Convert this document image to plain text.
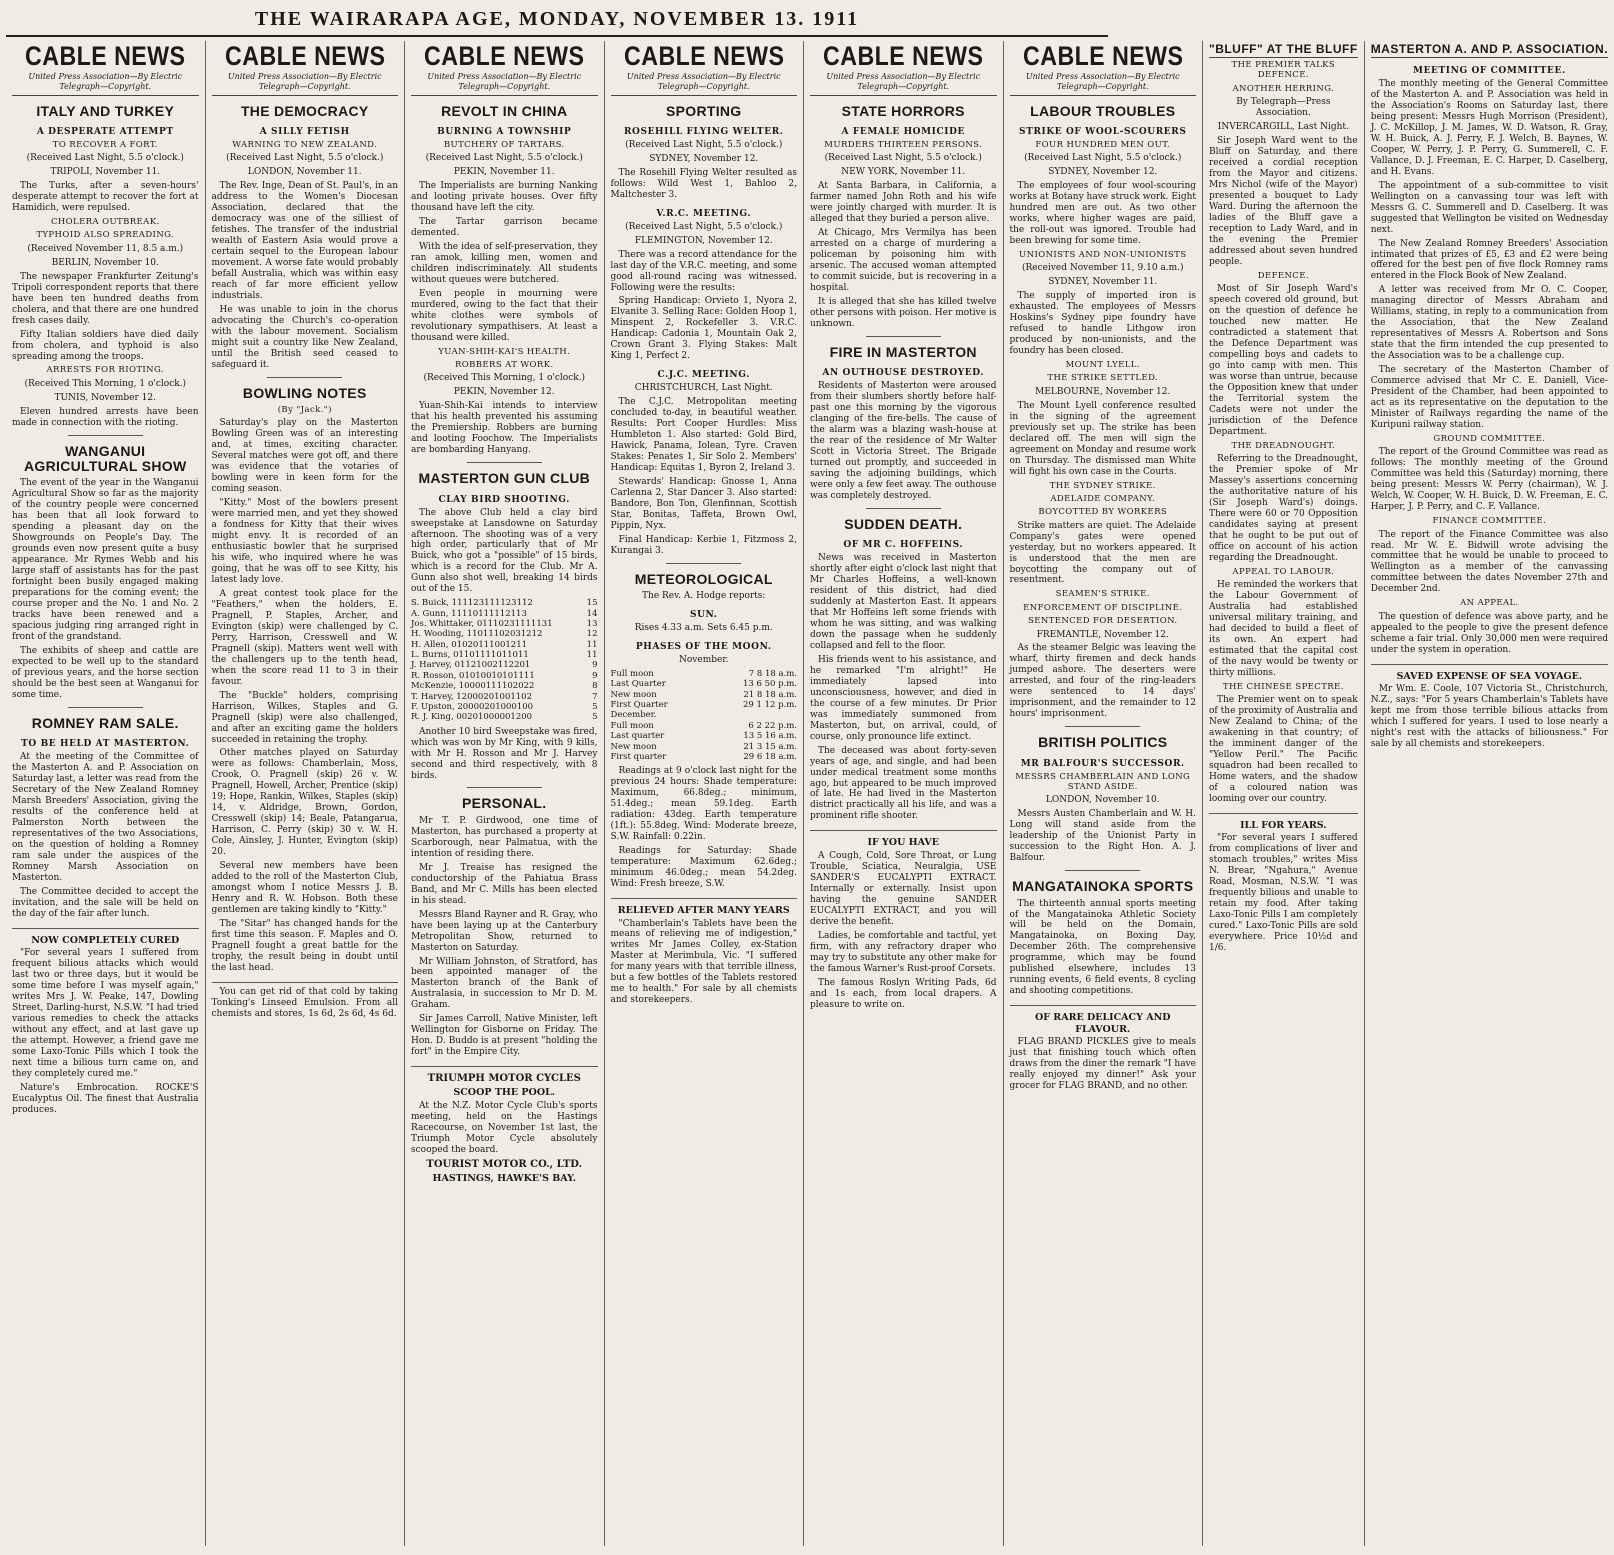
THE WAIRARAPA AGE, MONDAY, NOVEMBER 13. 1911
CABLE NEWS
United Press Association—By Electric Telegraph—Copyright.
ITALY AND TURKEY
A DESPERATE ATTEMPT
TO RECOVER A FORT.

(Received Last Night, 5.5 o'clock.)

TRIPOLI, November 11.

The Turks, after a seven-hours' desperate attempt to recover the fort at Hamidich, were repulsed.

CHOLERA OUTBREAK.
TYPHOID ALSO SPREADING.

(Received November 11, 8.5 a.m.)

BERLIN, November 10.

The newspaper Frankfurter Zeitung's Tripoli correspondent reports that there have been ten hundred deaths from cholera, and that there are one hundred fresh cases daily.

Fifty Italian soldiers have died daily from cholera, and typhoid is also spreading among the troops.

ARRESTS FOR RIOTING.

(Received This Morning, 1 o'clock.)

TUNIS, November 12.

Eleven hundred arrests have been made in connection with the rioting.

WANGANUI AGRICULTURAL SHOW

The event of the year in the Wanganui Agricultural Show so far as the majority of the country people were concerned has been that all look forward to spending a pleasant day on the Showgrounds on People's Day. The grounds even now present quite a busy appearance. Mr Rymes Webb and his large staff of assistants has for the past fortnight been busily engaged making preparations for the coming event; the course proper and the No. 1 and No. 2 tracks have been renewed and a spacious judging ring arranged right in front of the grandstand.

The exhibits of sheep and cattle are expected to be well up to the standard of previous years, and the horse section should be the best seen at Wanganui for some time.

ROMNEY RAM SALE.
TO BE HELD AT MASTERTON.

At the meeting of the Committee of the Masterton A. and P. Association on Saturday last, a letter was read from the Secretary of the New Zealand Romney Marsh Breeders' Association, giving the results of the conference held at Palmerston North between the representatives of the two Associations, on the question of holding a Romney ram sale under the auspices of the Romney Marsh Association on Masterton.

The Committee decided to accept the invitation, and the sale will be held on the day of the fair after lunch.

NOW COMPLETELY CURED

"For several years I suffered from frequent bilious attacks which would last two or three days, but it would be some time before I was myself again," writes Mrs J. W. Peake, 147, Dowling Street, Darling-hurst, N.S.W. "I had tried various remedies to check the attacks without any effect, and at last gave up the attempt. However, a friend gave me some Laxo-Tonic Pills which I took the next time a bilious turn came on, and they completely cured me."

Nature's Embrocation. ROCKE'S Eucalyptus Oil. The finest that Australia produces.

CABLE NEWS
United Press Association—By Electric Telegraph—Copyright.
THE DEMOCRACY
A SILLY FETISH
WARNING TO NEW ZEALAND.

(Received Last Night, 5.5 o'clock.)

LONDON, November 11.

The Rev. Inge, Dean of St. Paul's, in an address to the Women's Diocesan Association, declared that the democracy was one of the silliest of fetishes. The transfer of the industrial wealth of Eastern Asia would prove a certain sequel to the European labour movement. A worse fate would probably befall Australia, which was within easy reach of far more efficient yellow industrials.

He was unable to join in the chorus advocating the Church's co-operation with the labour movement. Socialism might suit a country like New Zealand, until the British seed ceased to safeguard it.

BOWLING NOTES
(By "Jack.")

Saturday's play on the Masterton Bowling Green was of an interesting and, at times, exciting character. Several matches were got off, and there was evidence that the votaries of bowling were in keen form for the coming season.

"Kitty." Most of the bowlers present were married men, and yet they showed a fondness for Kitty that their wives might envy. It is recorded of an enthusiastic bowler that he surprised his wife, who inquired where he was going, that he was off to see Kitty, his latest lady love.

A great contest took place for the "Feathers," when the holders, E. Pragnell, P. Staples, Archer, and Evington (skip) were challenged by C. Perry, Harrison, Cresswell and W. Pragnell (skip). Matters went well with the challengers up to the tenth head, when the score read 11 to 3 in their favour.

The "Buckle" holders, comprising Harrison, Wilkes, Staples and G. Pragnell (skip) were also challenged, and after an exciting game the holders succeeded in retaining the trophy.

Other matches played on Saturday were as follows: Chamberlain, Moss, Crook, O. Pragnell (skip) 26 v. W. Pragnell, Howell, Archer, Prentice (skip) 19; Hope, Rankin, Wilkes, Staples (skip) 14, v. Aldridge, Brown, Gordon, Cresswell (skip) 14; Beale, Patangarua, Harrison, C. Perry (skip) 30 v. W. H. Cole, Ainsley, J. Hunter, Evington (skip) 20.

Several new members have been added to the roll of the Masterton Club, amongst whom I notice Messrs J. B. Henry and R. W. Hobson. Both these gentlemen are taking kindly to "Kitty."

The "Sitar" has changed hands for the first time this season. F. Maples and O. Pragnell fought a great battle for the trophy, the result being in doubt until the last head.

You can get rid of that cold by taking Tonking's Linseed Emulsion. From all chemists and stores, 1s 6d, 2s 6d, 4s 6d.

CABLE NEWS
United Press Association—By Electric Telegraph—Copyright.
REVOLT IN CHINA
BURNING A TOWNSHIP
BUTCHERY OF TARTARS.

(Received Last Night, 5.5 o'clock.)

PEKIN, November 11.

The Imperialists are burning Nanking and looting private houses. Over fifty thousand have left the city.

The Tartar garrison became demented.

With the idea of self-preservation, they ran amok, killing men, women and children indiscriminately. All students without queues were butchered.

Even people in mourning were murdered, owing to the fact that their white clothes were symbols of revolutionary sympathisers. At least a thousand were killed.

YUAN-SHIH-KAI'S HEALTH.
ROBBERS AT WORK.

(Received This Morning, 1 o'clock.)

PEKIN, November 12.

Yuan-Shih-Kai intends to interview that his health prevented his assuming the Premiership. Robbers are burning and looting Foochow. The Imperialists are bombarding Hanyang.

MASTERTON GUN CLUB
CLAY BIRD SHOOTING.

The above Club held a clay bird sweepstake at Lansdowne on Saturday afternoon. The shooting was of a very high order, particularly that of Mr Buick, who got a "possible" of 15 birds, which is a record for the Club. Mr A. Gunn also shot well, breaking 14 birds out of the 15.

S. Buick, 111123111123112	15
A. Gunn, 11110111112113	14
Jos. Whittaker, 01110231111131	13
H. Wooding, 11011102031212	12
H. Allen, 01020111001211	11
L. Burns, 01101111011011	11
J. Harvey, 01121002112201	9
R. Rosson, 01010010101111	9
McKenzie, 10000111102022	8
T. Harvey, 12000201001102	7
F. Upston, 20000201000100	5
R. J. King, 00201000001200	5

Another 10 bird Sweepstake was fired, which was won by Mr King, with 9 kills, with Mr H. Rosson and Mr J. Harvey second and third respectively, with 8 birds.

PERSONAL.

Mr T. P. Girdwood, one time of Masterton, has purchased a property at Scarborough, near Palmatua, with the intention of residing there.

Mr J. Treaise has resigned the conductorship of the Pahiatua Brass Band, and Mr C. Mills has been elected in his stead.

Messrs Bland Rayner and R. Gray, who have been laying up at the Canterbury Metropolitan Show, returned to Masterton on Saturday.

Mr William Johnston, of Stratford, has been appointed manager of the Masterton branch of the Bank of Australasia, in succession to Mr D. M. Graham.

Sir James Carroll, Native Minister, left Wellington for Gisborne on Friday. The Hon. D. Buddo is at present "holding the fort" in the Empire City.

TRIUMPH MOTOR CYCLES
SCOOP THE POOL.

At the N.Z. Motor Cycle Club's sports meeting, held on the Hastings Racecourse, on November 1st last, the Triumph Motor Cycle absolutely scooped the board.

TOURIST MOTOR CO., LTD.
HASTINGS, HAWKE'S BAY.
CABLE NEWS
United Press Association—By Electric Telegraph—Copyright.
SPORTING
ROSEHILL FLYING WELTER.

(Received Last Night, 5.5 o'clock.)

SYDNEY, November 12.

The Rosehill Flying Welter resulted as follows: Wild West 1, Bahloo 2, Maltchester 3.

V.R.C. MEETING.

(Received Last Night, 5.5 o'clock.)

FLEMINGTON, November 12.

There was a record attendance for the last day of the V.R.C. meeting, and some good all-round racing was witnessed. Following were the results:

Spring Handicap: Orvieto 1, Nyora 2, Elvanite 3. Selling Race: Golden Hoop 1, Minspent 2, Rockefeller 3. V.R.C. Handicap: Cadonia 1, Mountain Oak 2, Crown Grant 3. Flying Stakes: Malt King 1, Perfect 2.

C.J.C. MEETING.

CHRISTCHURCH, Last Night.

The C.J.C. Metropolitan meeting concluded to-day, in beautiful weather. Results: Port Cooper Hurdles: Miss Humbleton 1. Also started: Gold Bird, Hawick, Panama, Iolean, Tyre. Craven Stakes: Penates 1, Sir Solo 2. Members' Handicap: Equitas 1, Byron 2, Ireland 3.

Stewards' Handicap: Gnosse 1, Anna Carlenna 2, Star Dancer 3. Also started: Bandore, Bon Ton, Glenfinnan, Scottish Star, Bonitas, Taffeta, Brown Owl, Pippin, Nyx.

Final Handicap: Kerbie 1, Fitzmoss 2, Kurangai 3.

METEOROLOGICAL

The Rev. A. Hodge reports:

SUN.

Rises 4.33 a.m. Sets 6.45 p.m.

PHASES OF THE MOON.

November.

Full moon	7 8 18 a.m.
Last Quarter	13 6 50 p.m.
New moon	21 8 18 a.m.
First Quarter	29 1 12 p.m.
December.	
Full moon	6 2 22 p.m.
Last quarter	13 5 16 a.m.
New moon	21 3 15 a.m.
First quarter	29 6 18 a.m.

Readings at 9 o'clock last night for the previous 24 hours: Shade temperature: Maximum, 66.8deg.; minimum, 51.4deg.; mean 59.1deg. Earth radiation: 43deg. Earth temperature (1ft.): 55.8deg. Wind: Moderate breeze, S.W. Rainfall: 0.22in.

Readings for Saturday: Shade temperature: Maximum 62.6deg.; minimum 46.0deg.; mean 54.2deg. Wind: Fresh breeze, S.W.

RELIEVED AFTER MANY YEARS

"Chamberlain's Tablets have been the means of relieving me of indigestion," writes Mr James Colley, ex-Station Master at Merimbula, Vic. "I suffered for many years with that terrible illness, but a few bottles of the Tablets restored me to health." For sale by all chemists and storekeepers.

CABLE NEWS
United Press Association—By Electric Telegraph—Copyright.
STATE HORRORS
A FEMALE HOMICIDE
MURDERS THIRTEEN PERSONS.

(Received Last Night, 5.5 o'clock.)

NEW YORK, November 11.

At Santa Barbara, in California, a farmer named John Roth and his wife were jointly charged with murder. It is alleged that they buried a person alive.

At Chicago, Mrs Vermilya has been arrested on a charge of murdering a policeman by poisoning him with arsenic. The accused woman attempted to commit suicide, but is recovering in a hospital.

It is alleged that she has killed twelve other persons with poison. Her motive is unknown.

FIRE IN MASTERTON
AN OUTHOUSE DESTROYED.

Residents of Masterton were aroused from their slumbers shortly before half-past one this morning by the vigorous clanging of the fire-bells. The cause of the alarm was a blazing wash-house at the rear of the residence of Mr Walter Scott in Victoria Street. The Brigade turned out promptly, and succeeded in saving the adjoining buildings, which were only a few feet away. The outhouse was completely destroyed.

SUDDEN DEATH.
OF MR C. HOFFEINS.

News was received in Masterton shortly after eight o'clock last night that Mr Charles Hoffeins, a well-known resident of this district, had died suddenly at Masterton East. It appears that Mr Hoffeins left some friends with whom he was sitting, and was walking down the passage when he suddenly collapsed and fell to the floor.

His friends went to his assistance, and he remarked "I'm alright!" He immediately lapsed into unconsciousness, however, and died in the course of a few minutes. Dr Prior was immediately summoned from Masterton, but, on arrival, could, of course, only pronounce life extinct.

The deceased was about forty-seven years of age, and single, and had been under medical treatment some months ago, but appeared to be much improved of late. He had lived in the Masterton district practically all his life, and was a prominent rifle shooter.

IF YOU HAVE

A Cough, Cold, Sore Throat, or Lung Trouble, Sciatica, Neuralgia, USE SANDER'S EUCALYPTI EXTRACT. Internally or externally. Insist upon having the genuine SANDER EUCALYPTI EXTRACT, and you will derive the benefit.

Ladies, be comfortable and tactful, yet firm, with any refractory draper who may try to substitute any other make for the famous Warner's Rust-proof Corsets.

The famous Roslyn Writing Pads, 6d and 1s each, from local drapers. A pleasure to write on.

CABLE NEWS
United Press Association—By Electric Telegraph—Copyright.
LABOUR TROUBLES
STRIKE OF WOOL-SCOURERS
FOUR HUNDRED MEN OUT.

(Received Last Night, 5.5 o'clock.)

SYDNEY, November 12.

The employees of four wool-scouring works at Botany have struck work. Eight hundred men are out. As two other works, where higher wages are paid, the roll-out was ignored. Trouble had been brewing for some time.

UNIONISTS AND NON-UNIONISTS

(Received November 11, 9.10 a.m.)

SYDNEY, November 11.

The supply of imported iron is exhausted. The employees of Messrs Hoskins's Sydney pipe foundry have refused to handle Lithgow iron produced by non-unionists, and the foundry has been closed.

MOUNT LYELL.
THE STRIKE SETTLED.

MELBOURNE, November 12.

The Mount Lyell conference resulted in the signing of the agreement previously set up. The strike has been declared off. The men will sign the agreement on Monday and resume work on Thursday. The dismissed man White will fight his own case in the Courts.

THE SYDNEY STRIKE.
ADELAIDE COMPANY.
BOYCOTTED BY WORKERS

Strike matters are quiet. The Adelaide Company's gates were opened yesterday, but no workers appeared. It is understood that the men are boycotting the company out of resentment.

SEAMEN'S STRIKE.
ENFORCEMENT OF DISCIPLINE.
SENTENCED FOR DESERTION.

FREMANTLE, November 12.

As the steamer Belgic was leaving the wharf, thirty firemen and deck hands jumped ashore. The deserters were arrested, and four of the ring-leaders were sentenced to 14 days' imprisonment, and the remainder to 12 hours' imprisonment.

BRITISH POLITICS
MR BALFOUR'S SUCCESSOR.
MESSRS CHAMBERLAIN AND LONG STAND ASIDE.

LONDON, November 10.

Messrs Austen Chamberlain and W. H. Long will stand aside from the leadership of the Unionist Party in succession to the Right Hon. A. J. Balfour.

MANGATAINOKA SPORTS

The thirteenth annual sports meeting of the Mangatainoka Athletic Society will be held on the Domain, Mangatainoka, on Boxing Day, December 26th. The comprehensive programme, which may be found published elsewhere, includes 13 running events, 6 field events, 8 cycling and shooting competitions.

OF RARE DELICACY AND FLAVOUR.

FLAG BRAND PICKLES give to meals just that finishing touch which often draws from the diner the remark "I have really enjoyed my dinner!" Ask your grocer for FLAG BRAND, and no other.

"BLUFF" AT THE BLUFF
THE PREMIER TALKS DEFENCE.
ANOTHER HERRING.

By Telegraph—Press Association.

INVERCARGILL, Last Night.

Sir Joseph Ward went to the Bluff on Saturday, and there received a cordial reception from the Mayor and citizens. Mrs Nichol (wife of the Mayor) presented a bouquet to Lady Ward. During the afternoon the ladies of the Bluff gave a reception to Lady Ward, and in the evening the Premier addressed about seven hundred people.

DEFENCE.

Most of Sir Joseph Ward's speech covered old ground, but on the question of defence he touched new matter. He contradicted a statement that the Defence Department was compelling boys and cadets to go into camp with men. This was worse than untrue, because the Opposition knew that under the Territorial system the Cadets were not under the jurisdiction of the Defence Department.

THE DREADNOUGHT.

Referring to the Dreadnought, the Premier spoke of Mr Massey's assertions concerning the authoritative nature of his (Sir Joseph Ward's) doings. There were 60 or 70 Opposition candidates saying at present that he ought to be put out of office on account of his action regarding the Dreadnought.

APPEAL TO LABOUR.

He reminded the workers that the Labour Government of Australia had established universal military training, and had decided to build a fleet of its own. An expert had estimated that the capital cost of the navy would be twenty or thirty millions.

THE CHINESE SPECTRE.

The Premier went on to speak of the proximity of Australia and New Zealand to China; of the awakening in that country; of the imminent danger of the "Yellow Peril." The Pacific squadron had been recalled to Home waters, and the shadow of a coloured nation was looming over our country.

ILL FOR YEARS.

"For several years I suffered from complications of liver and stomach troubles," writes Miss N. Brear, "Ngahura," Avenue Road, Mosman, N.S.W. "I was frequently bilious and unable to retain my food. After taking Laxo-Tonic Pills I am completely cured." Laxo-Tonic Pills are sold everywhere. Price 10½d and 1/6.

MASTERTON A. AND P. ASSOCIATION.
MEETING OF COMMITTEE.

The monthly meeting of the General Committee of the Masterton A. and P. Association was held in the Association's Rooms on Saturday last, there being present: Messrs Hugh Morrison (President), J. C. McKillop, J. M. James, W. D. Watson, R. Gray, W. H. Buick, A. J. Perry, F. J. Welch, B. Baynes, W. Cooper, W. Perry, J. P. Perry, G. Summerell, C. F. Vallance, D. J. Freeman, E. C. Harper, D. Caselberg, and H. Evans.

The appointment of a sub-committee to visit Wellington on a canvassing tour was left with Messrs G. C. Summerell and D. Caselberg. It was suggested that Wellington be visited on Wednesday next.

The New Zealand Romney Breeders' Association intimated that prizes of £5, £3 and £2 were being offered for the best pen of five flock Romney rams entered in the Flock Book of New Zealand.

A letter was received from Mr O. C. Cooper, managing director of Messrs Abraham and Williams, stating, in reply to a communication from the Association, that the New Zealand representatives of Messrs A. Robertson and Sons state that the firm intended the cup presented to the Association was to be a challenge cup.

The secretary of the Masterton Chamber of Commerce advised that Mr C. E. Daniell, Vice-President of the Chamber, had been appointed to act as its representative on the deputation to the Minister of Railways regarding the name of the Kuripuni railway station.

GROUND COMMITTEE.

The report of the Ground Committee was read as follows: The monthly meeting of the Ground Committee was held this (Saturday) morning, there being present: Messrs W. Perry (chairman), W. J. Welch, W. Cooper, W. H. Buick, D. W. Freeman, E. C. Harper, J. P. Perry, and C. F. Vallance.

FINANCE COMMITTEE.

The report of the Finance Committee was also read. Mr W. E. Bidwill wrote advising the committee that he would be unable to proceed to Wellington as a member of the canvassing committee between the dates November 27th and December 2nd.

AN APPEAL.

The question of defence was above party, and he appealed to the people to give the present defence scheme a fair trial. Only 30,000 men were required under the system in operation.

SAVED EXPENSE OF SEA VOYAGE.

Mr Wm. E. Coole, 107 Victoria St., Christchurch, N.Z., says: "For 5 years Chamberlain's Tablets have kept me from those terrible bilious attacks from which I suffered for years. I used to lose nearly a night's rest with the attacks of biliousness." For sale by all chemists and storekeepers.
